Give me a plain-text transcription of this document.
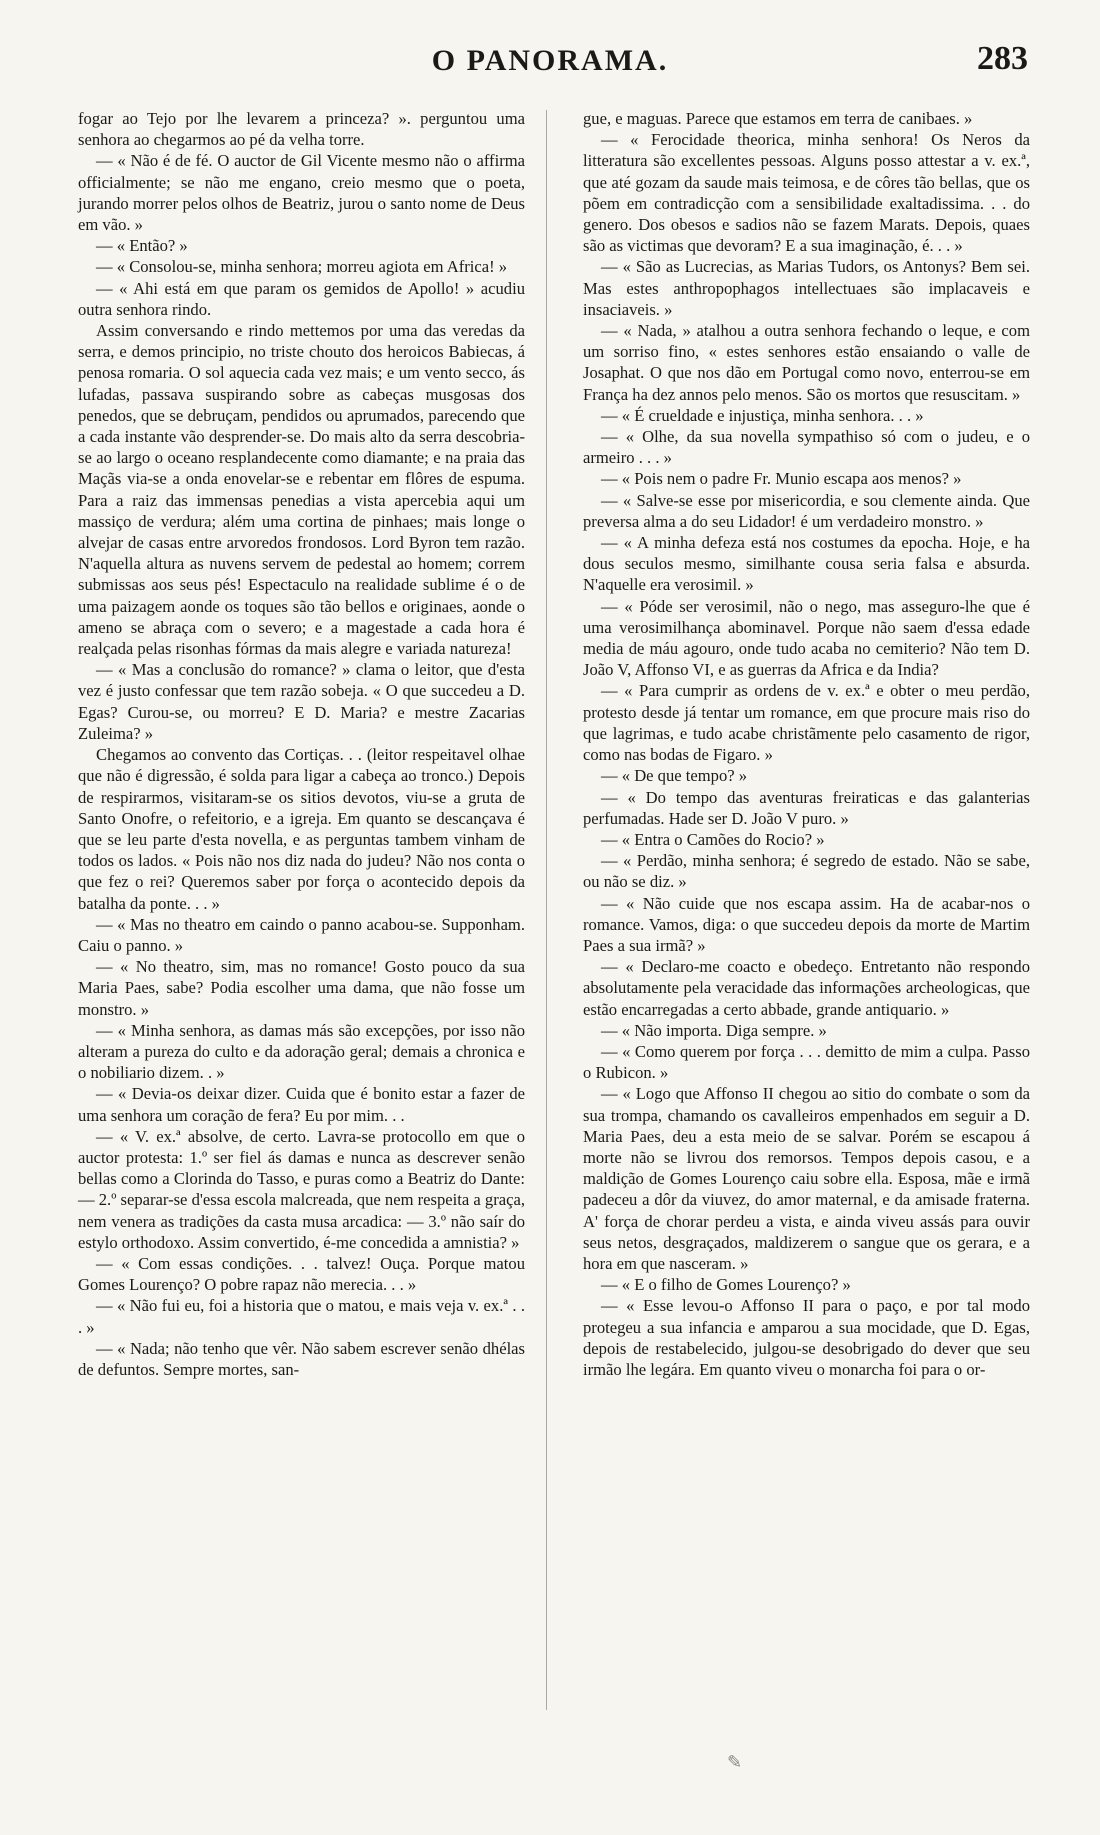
O PANORAMA.	283

fogar ao Tejo por lhe levarem a princeza? ». perguntou uma senhora ao chegarmos ao pé da velha torre.

— « Não é de fé. O auctor de Gil Vicente mesmo não o affirma officialmente; se não me engano, creio mesmo que o poeta, jurando morrer pelos olhos de Beatriz, jurou o santo nome de Deus em vão. »

— « Então? »

— « Consolou-se, minha senhora; morreu agiota em Africa! »

— « Ahi está em que param os gemidos de Apollo! » acudiu outra senhora rindo.

Assim conversando e rindo mettemos por uma das veredas da serra, e demos principio, no triste chouto dos heroicos Babiecas, á penosa romaria. O sol aquecia cada vez mais; e um vento secco, ás lufadas, passava suspirando sobre as cabeças musgosas dos penedos, que se debruçam, pendidos ou aprumados, parecendo que a cada instante vão desprender-se. Do mais alto da serra descobria-se ao largo o oceano resplandecente como diamante; e na praia das Maçãs via-se a onda enovelar-se e rebentar em flôres de espuma. Para a raiz das immensas penedias a vista apercebia aqui um massiço de verdura; além uma cortina de pinhaes; mais longe o alvejar de casas entre arvoredos frondosos. Lord Byron tem razão. N'aquella altura as nuvens servem de pedestal ao homem; correm submissas aos seus pés! Espectaculo na realidade sublime é o de uma paizagem aonde os toques são tão bellos e originaes, aonde o ameno se abraça com o severo; e a magestade a cada hora é realçada pelas risonhas fórmas da mais alegre e variada natureza!

— « Mas a conclusão do romance? » clama o leitor, que d'esta vez é justo confessar que tem razão sobeja. « O que succedeu a D. Egas? Curou-se, ou morreu? E D. Maria? e mestre Zacarias Zuleima? »

Chegamos ao convento das Cortiças. . . (leitor respeitavel olhae que não é digressão, é solda para ligar a cabeça ao tronco.) Depois de respirarmos, visitaram-se os sitios devotos, viu-se a gruta de Santo Onofre, o refeitorio, e a igreja. Em quanto se descançava é que se leu parte d'esta novella, e as perguntas tambem vinham de todos os lados. « Pois não nos diz nada do judeu? Não nos conta o que fez o rei? Queremos saber por força o acontecido depois da batalha da ponte. . . »

— « Mas no theatro em caindo o panno acabou-se. Supponham. Caiu o panno. »

— « No theatro, sim, mas no romance! Gosto pouco da sua Maria Paes, sabe? Podia escolher uma dama, que não fosse um monstro. »

— « Minha senhora, as damas más são excepções, por isso não alteram a pureza do culto e da adoração geral; demais a chronica e o nobiliario dizem. . »

— « Devia-os deixar dizer. Cuida que é bonito estar a fazer de uma senhora um coração de fera? Eu por mim. . .

— « V. ex.ª absolve, de certo. Lavra-se protocollo em que o auctor protesta: 1.º ser fiel ás damas e nunca as descrever senão bellas como a Clorinda do Tasso, e puras como a Beatriz do Dante: — 2.º separar-se d'essa escola malcreada, que nem respeita a graça, nem venera as tradições da casta musa arcadica: — 3.º não saír do estylo orthodoxo. Assim convertido, é-me concedida a amnistia? »

— « Com essas condições. . . talvez! Ouça. Porque matou Gomes Lourenço? O pobre rapaz não merecia. . . »

— « Não fui eu, foi a historia que o matou, e mais veja v. ex.ª . . . »

— « Nada; não tenho que vêr. Não sabem escrever senão dhélas de defuntos. Sempre mortes, san-

gue, e maguas. Parece que estamos em terra de canibaes. »

— « Ferocidade theorica, minha senhora! Os Neros da litteratura são excellentes pessoas. Alguns posso attestar a v. ex.ª, que até gozam da saude mais teimosa, e de côres tão bellas, que os põem em contradicção com a sensibilidade exaltadissima. . . do genero. Dos obesos e sadios não se fazem Marats. Depois, quaes são as victimas que devoram? E a sua imaginação, é. . . »

— « São as Lucrecias, as Marias Tudors, os Antonys? Bem sei. Mas estes anthropophagos intellectuaes são implacaveis e insaciaveis. »

— « Nada, » atalhou a outra senhora fechando o leque, e com um sorriso fino, « estes senhores estão ensaiando o valle de Josaphat. O que nos dão em Portugal como novo, enterrou-se em França ha dez annos pelo menos. São os mortos que resuscitam. »

— « É crueldade e injustiça, minha senhora. . . »

— « Olhe, da sua novella sympathiso só com o judeu, e o armeiro . . . »

— « Pois nem o padre Fr. Munio escapa aos menos? »

— « Salve-se esse por misericordia, e sou clemente ainda. Que preversa alma a do seu Lidador! é um verdadeiro monstro. »

— « A minha defeza está nos costumes da epocha. Hoje, e ha dous seculos mesmo, similhante cousa seria falsa e absurda. N'aquelle era verosimil. »

— « Póde ser verosimil, não o nego, mas asseguro-lhe que é uma verosimilhança abominavel. Porque não saem d'essa edade media de máu agouro, onde tudo acaba no cemiterio? Não tem D. João V, Affonso VI, e as guerras da Africa e da India?

— « Para cumprir as ordens de v. ex.ª e obter o meu perdão, protesto desde já tentar um romance, em que procure mais riso do que lagrimas, e tudo acabe christãmente pelo casamento de rigor, como nas bodas de Figaro. »

— « De que tempo? »

— « Do tempo das aventuras freiraticas e das galanterias perfumadas. Hade ser D. João V puro. »

— « Entra o Camões do Rocio? »

— « Perdão, minha senhora; é segredo de estado. Não se sabe, ou não se diz. »

— « Não cuide que nos escapa assim. Ha de acabar-nos o romance. Vamos, diga: o que succedeu depois da morte de Martim Paes a sua irmã? »

— « Declaro-me coacto e obedeço. Entretanto não respondo absolutamente pela veracidade das informações archeologicas, que estão encarregadas a certo abbade, grande antiquario. »

— « Não importa. Diga sempre. »

— « Como querem por força . . . demitto de mim a culpa. Passo o Rubicon. »

— « Logo que Affonso II chegou ao sitio do combate o som da sua trompa, chamando os cavalleiros empenhados em seguir a D. Maria Paes, deu a esta meio de se salvar. Porém se escapou á morte não se livrou dos remorsos. Tempos depois casou, e a maldição de Gomes Lourenço caiu sobre ella. Esposa, mãe e irmã padeceu a dôr da viuvez, do amor maternal, e da amisade fraterna. A' força de chorar perdeu a vista, e ainda viveu assás para ouvir seus netos, desgraçados, maldizerem o sangue que os gerara, e a hora em que nasceram. »

— « E o filho de Gomes Lourenço? »

— « Esse levou-o Affonso II para o paço, e por tal modo protegeu a sua infancia e amparou a sua mocidade, que D. Egas, depois de restabelecido, julgou-se desobrigado do dever que seu irmão lhe legára. Em quanto viveu o monarcha foi para o or-

✎
